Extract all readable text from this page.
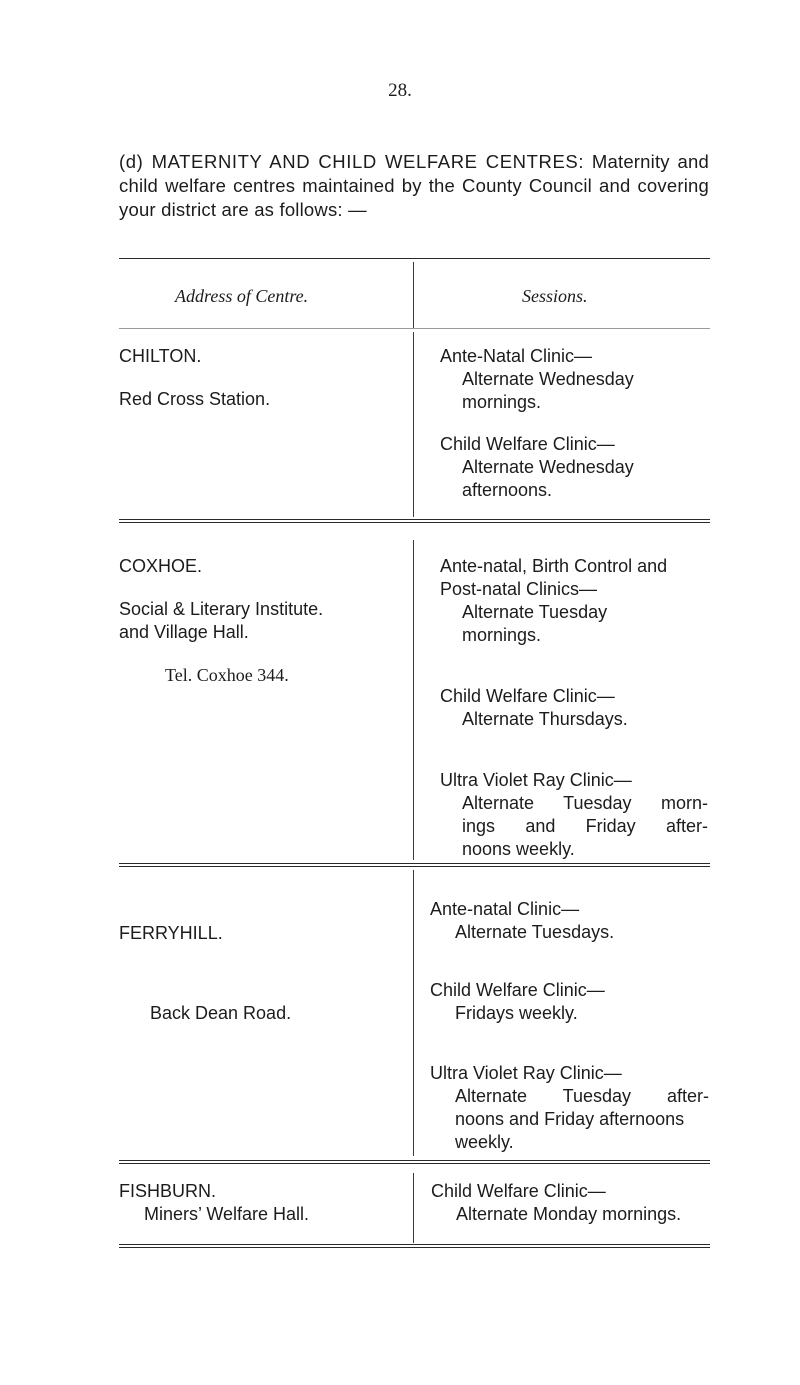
28.
(d) MATERNITY AND CHILD WELFARE CENTRES: Maternity and child welfare centres maintained by the County Council and covering your district are as follows: —
Address of Centre.	Sessions.
CHILTON.
Red Cross Station.
Ante-Natal Clinic—
Alternate Wednesday
mornings.
Child Welfare Clinic—
Alternate Wednesday
afternoons.
COXHOE.
Social & Literary Institute.
and Village Hall.
Tel. Coxhoe 344.
Ante-natal, Birth Control and
Post-natal Clinics—
Alternate Tuesday
mornings.
Child Welfare Clinic—
Alternate Thursdays.
Ultra Violet Ray Clinic—
Alternate Tuesday morn-
ings and Friday after-
noons weekly.
FERRYHILL.
Back Dean Road.
Ante-natal Clinic—
Alternate Tuesdays.
Child Welfare Clinic—
Fridays weekly.
Ultra Violet Ray Clinic—
Alternate Tuesday after-
noons and Friday afternoons
weekly.
FISHBURN.
Miners’ Welfare Hall.
Child Welfare Clinic—
Alternate Monday mornings.
